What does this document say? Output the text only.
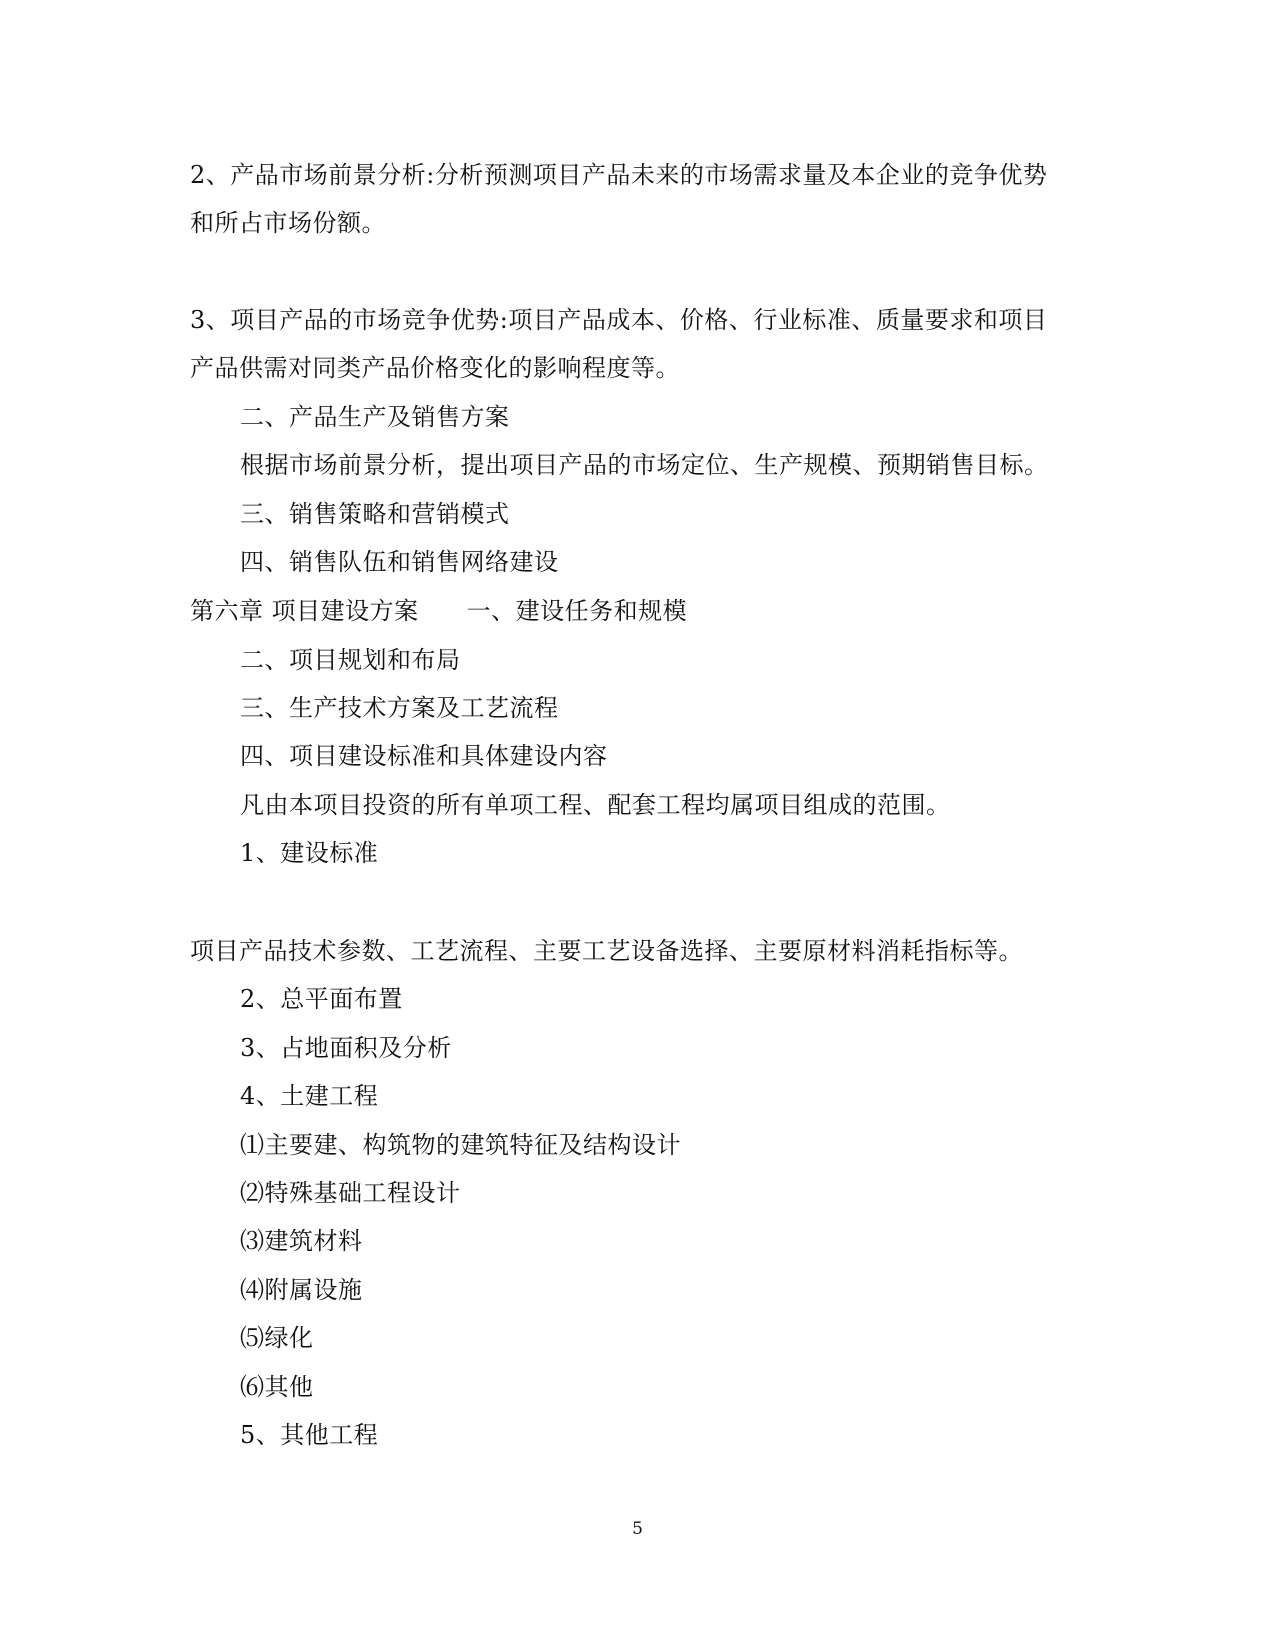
2、产品市场前景分析:分析预测项目产品未来的市场需求量及本企业的竞争优势
和所占市场份额。
3、项目产品的市场竞争优势:项目产品成本、价格、行业标准、质量要求和项目
产品供需对同类产品价格变化的影响程度等。
二、产品生产及销售方案
根据市场前景分析，提出项目产品的市场定位、生产规模、预期销售目标。
三、销售策略和营销模式
四、销售队伍和销售网络建设
第六章 项目建设方案 一、建设任务和规模
二、项目规划和布局
三、生产技术方案及工艺流程
四、项目建设标准和具体建设内容
凡由本项目投资的所有单项工程、配套工程均属项目组成的范围。
1、建设标准
项目产品技术参数、工艺流程、主要工艺设备选择、主要原材料消耗指标等。
2、总平面布置
3、占地面积及分析
4、土建工程
⑴主要建、构筑物的建筑特征及结构设计
⑵特殊基础工程设计
⑶建筑材料
⑷附属设施
⑸绿化
⑹其他
5、其他工程
5
